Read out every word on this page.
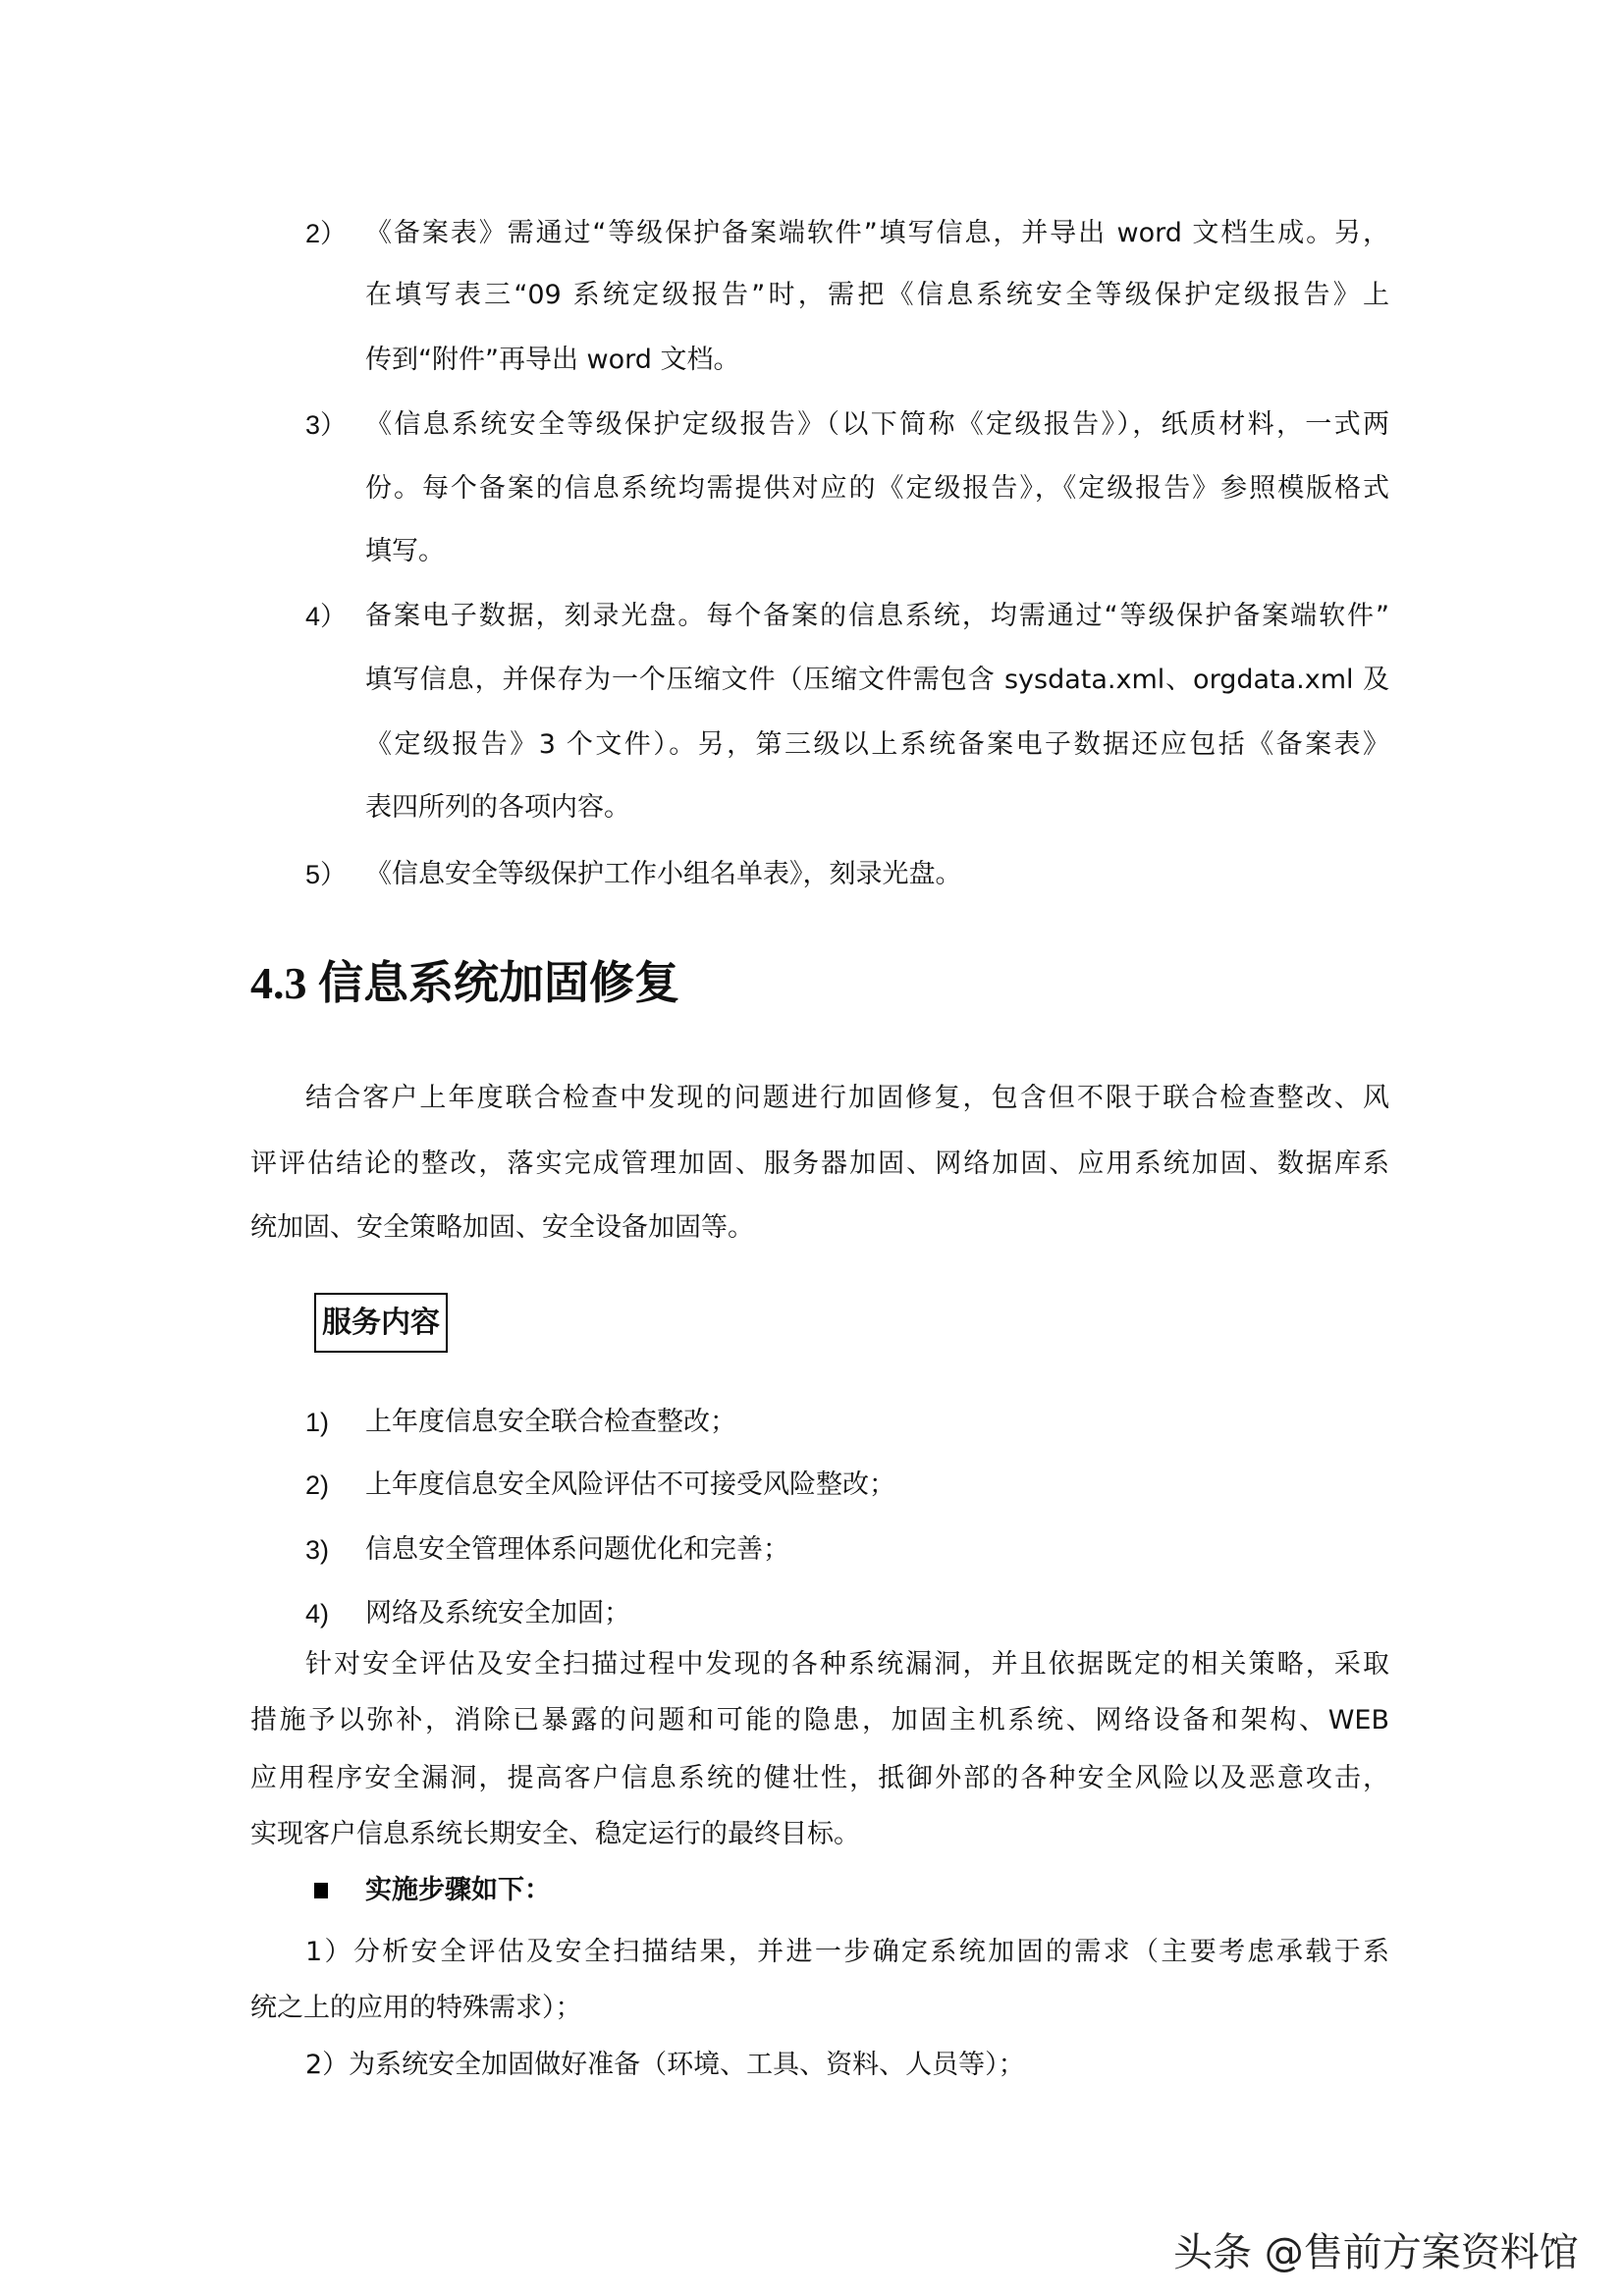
2） 《备案表》需通过“等级保护备案端软件”填写信息，并导出 word 文档生成。另，
在填写表三“09 系统定级报告”时，需把《信息系统安全等级保护定级报告》上
传到“附件”再导出 word 文档。
3） 《信息系统安全等级保护定级报告》（以下简称《定级报告》），纸质材料，一式两
份。每个备案的信息系统均需提供对应的《定级报告》，《定级报告》参照模版格式
填写。
4） 备案电子数据，刻录光盘。每个备案的信息系统，均需通过“等级保护备案端软件”
填写信息，并保存为一个压缩文件（压缩文件需包含 sysdata.xml、orgdata.xml 及
《定级报告》3 个文件）。另，第三级以上系统备案电子数据还应包括《备案表》
表四所列的各项内容。
5） 《信息安全等级保护工作小组名单表》，刻录光盘。
4.3 信息系统加固修复
结合客户上年度联合检查中发现的问题进行加固修复，包含但不限于联合检查整改、风
评评估结论的整改，落实完成管理加固、服务器加固、网络加固、应用系统加固、数据库系
统加固、安全策略加固、安全设备加固等。
服务内容
1) 上年度信息安全联合检查整改；
2) 上年度信息安全风险评估不可接受风险整改；
3) 信息安全管理体系问题优化和完善；
4) 网络及系统安全加固；
针对安全评估及安全扫描过程中发现的各种系统漏洞，并且依据既定的相关策略，采取
措施予以弥补，消除已暴露的问题和可能的隐患，加固主机系统、网络设备和架构、WEB
应用程序安全漏洞，提高客户信息系统的健壮性，抵御外部的各种安全风险以及恶意攻击，
实现客户信息系统长期安全、稳定运行的最终目标。
实施步骤如下：
1）分析安全评估及安全扫描结果，并进一步确定系统加固的需求（主要考虑承载于系
统之上的应用的特殊需求）；
2）为系统安全加固做好准备（环境、工具、资料、人员等）；
头条 @售前方案资料馆
